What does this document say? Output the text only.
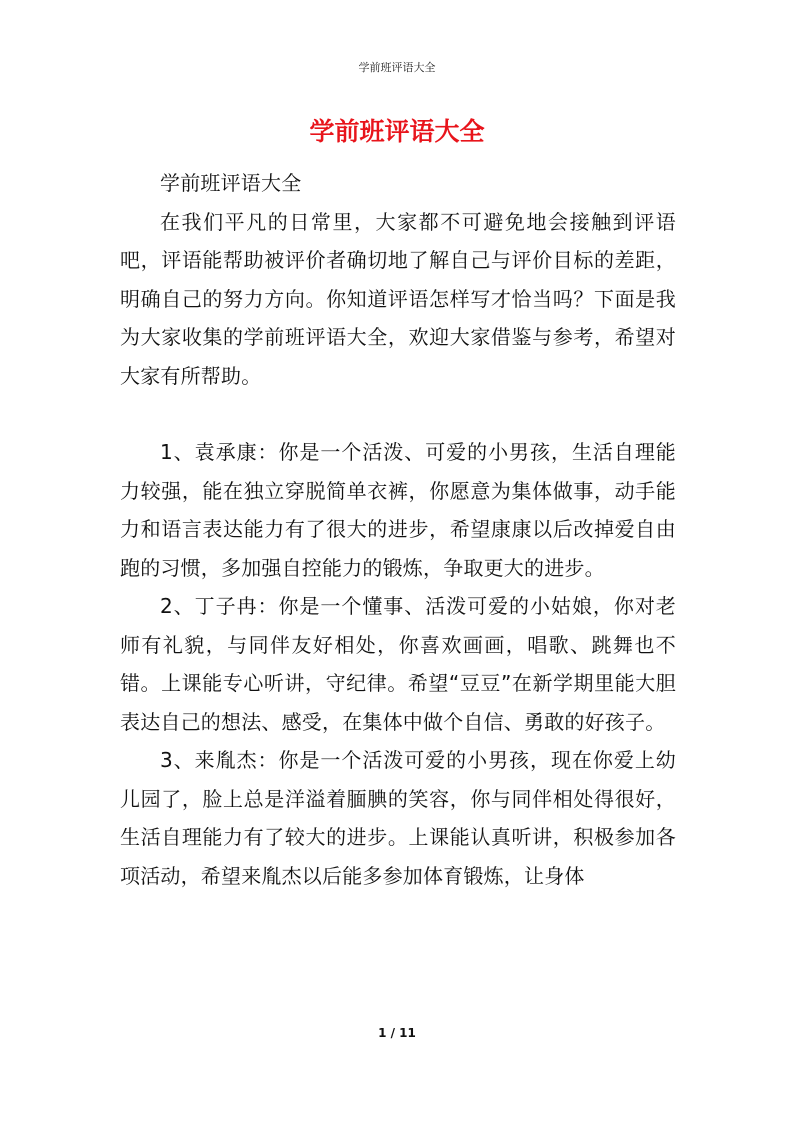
学前班评语大全
学前班评语大全

学前班评语大全

在我们平凡的日常里，大家都不可避免地会接触到评语吧，评语能帮助被评价者确切地了解自己与评价目标的差距，明确自己的努力方向。你知道评语怎样写才恰当吗？下面是我为大家收集的学前班评语大全，欢迎大家借鉴与参考，希望对大家有所帮助。

1、袁承康：你是一个活泼、可爱的小男孩，生活自理能力较强，能在独立穿脱简单衣裤，你愿意为集体做事，动手能力和语言表达能力有了很大的进步，希望康康以后改掉爱自由跑的习惯，多加强自控能力的锻炼，争取更大的进步。

2、丁子冉：你是一个懂事、活泼可爱的小姑娘，你对老师有礼貌，与同伴友好相处，你喜欢画画，唱歌、跳舞也不错。上课能专心听讲，守纪律。希望“豆豆”在新学期里能大胆表达自己的想法、感受，在集体中做个自信、勇敢的好孩子。

3、来胤杰：你是一个活泼可爱的小男孩，现在你爱上幼儿园了，脸上总是洋溢着腼腆的笑容，你与同伴相处得很好，生活自理能力有了较大的进步。上课能认真听讲，积极参加各项活动，希望来胤杰以后能多参加体育锻炼，让身体

1 / 11
